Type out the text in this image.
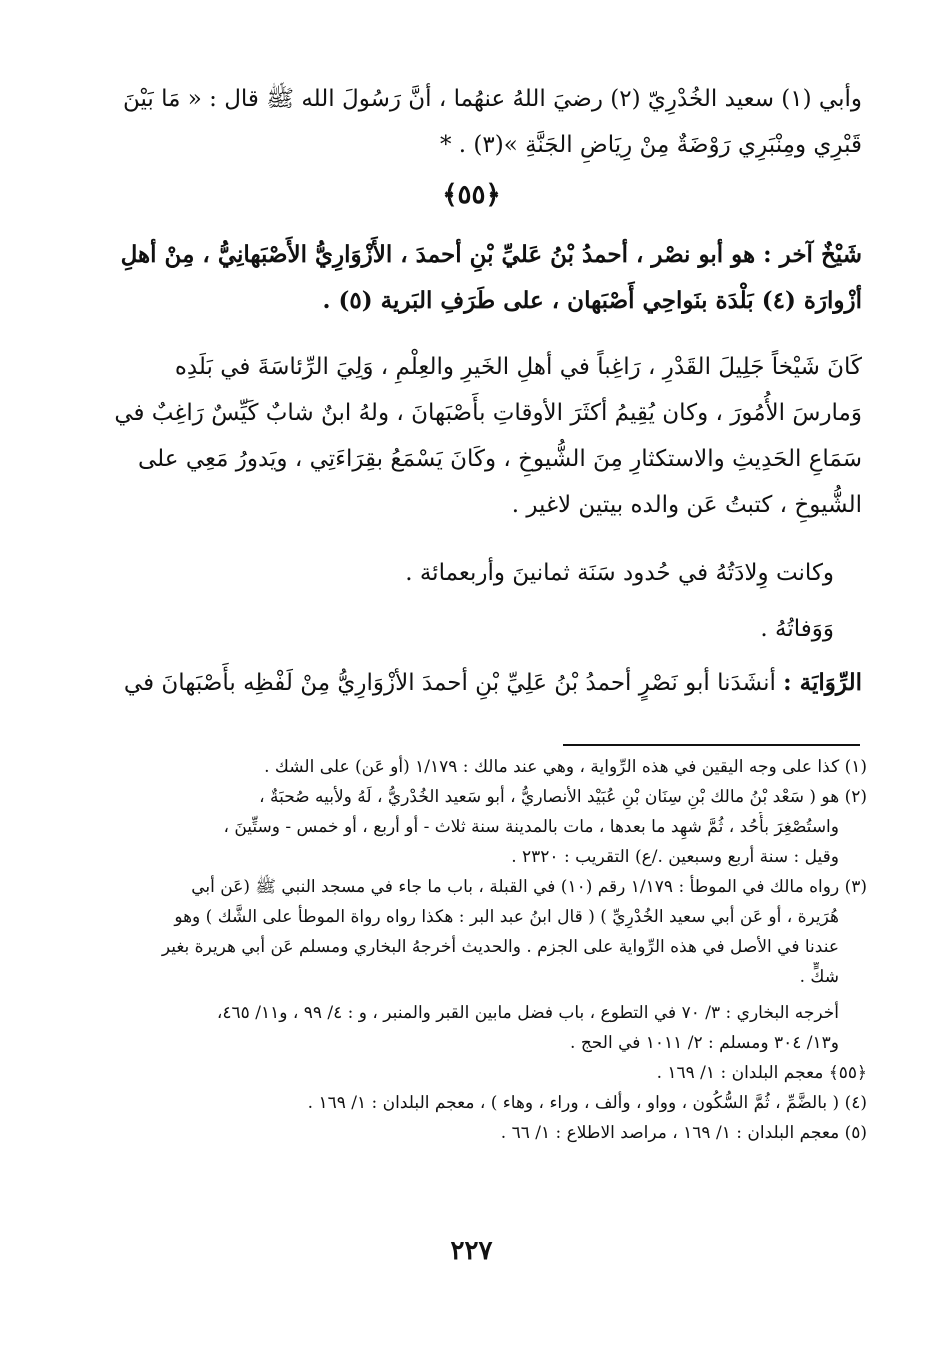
وأبي (١) سعيد الخُدْرِيّ (٢) رضيَ اللهُ عنهُما ، أنَّ رَسُولَ الله ﷺ قال : « مَا بَيْنَ
قَبْرِي ومِنْبَرِي رَوْضَةٌ مِنْ رِيَاضِ الجَنَّةِ »(٣) . *
﴿٥٥﴾
شَيْخٌ آخر : هو أبو نصْر ، أحمدُ بْنُ عَليِّ بْنِ أحمدَ ، الأَزْوَارِيُّ الأَصْبَهانِيُّ ، مِنْ أهلِ
أزْوارَة (٤) بَلْدَة بنَواحِي أَصْبَهان ، على طَرَفِ البَرية (٥) .
كَانَ شَيْخاً جَلِيلَ القَدْرِ ، رَاغِباً في أهلِ الخَيرِ والعِلْمِ ، وَلِيَ الرِّئاسَةَ في بَلَدِه
وَمارسَ الأُمُورَ ، وكان يُقِيمُ أكثَرَ الأوقاتِ بأَصْبَهانَ ، ولهُ ابنٌ شابٌ كَيِّسٌ رَاغِبٌ في
سَمَاعِ الحَدِيثِ والاستكثارِ مِنَ الشُّيوخِ ، وكَانَ يَسْمَعُ بقِرَاءَتِي ، ويَدورُ مَعِي على
الشُّيوخِ ، كتبتُ عَن والده بيتين لاغير .
وكانت وِلادَتُهُ في حُدود سَنَة ثمانينَ وأربعمائة .
وَوَفاتُهُ .
الرِّوَايَة : أنشَدَنا أبو نَصْرٍ أحمدُ بْنُ عَلِيِّ بْنِ أحمدَ الأزْوَارِيُّ مِنْ لَفْظِه بأَصْبَهانَ في
(١) كذا على وجه اليقين في هذه الرِّواية ، وهي عند مالك : ١/١٧٩ (أو عَن) على الشك .
(٢) هو ( سَعْد بْنُ مالك بْنِ سِنَان بْنِ عُبَيْد الأنصاريُّ ، أبو سَعيد الخُدْريُّ ، لَهُ ولأبيه صُحبَةٌ ،
واستُصْغِرَ بأُحُد ، ثُمَّ شهِد ما بعدها ، مات بالمدينة سنة ثلاث - أو أربع ، أو خمس - وستِّينَ ،
وقيل : سنة أربع وسبعين ./ع) التقريب : ٢٣٢٠ .
(٣) رواه مالك في الموطأ : ١/١٧٩ رقم (١٠) في القبلة ، باب ما جاء في مسجد النبي ﷺ (عَن أبي
هُرَيرة ، أو عَن أبي سعيد الخُدْرِيِّ ) ( قال ابنُ عبد البر : هكذا رواه رواة الموطأ على الشَّك ) وهو
عندنا في الأصل في هذه الرِّواية على الجزم . والحديث أخرجهُ البخاري ومسلم عَن أبي هريرة بغير
شكٍّ .
أخرجه البخاري : ٣/ ٧٠ في التطوع ، باب فضل مابين القبر والمنبر ، و : ٤/ ٩٩ ، و١١/ ٤٦٥،
و١٣/ ٣٠٤ ومسلم : ٢/ ١٠١١ في الحج .
﴿٥٥﴾ معجم البلدان : ١/ ١٦٩ .
(٤) ( بالضَّمِّ ، ثُمَّ السُّكُون ، وواو ، وألف ، وراء ، وهاء ) ، معجم البلدان : ١/ ١٦٩ .
(٥) معجم البلدان : ١/ ١٦٩ ، مراصد الاطلاع : ١/ ٦٦ .
٢٢٧
